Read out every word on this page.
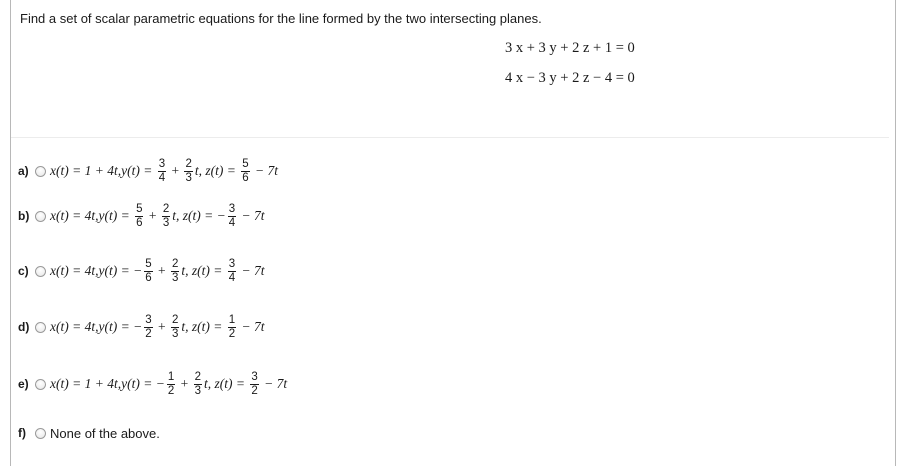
Find a set of scalar parametric equations for the line formed by the two intersecting planes.
3 x + 3 y + 2 z + 1 = 0
4 x − 3 y + 2 z − 4 = 0
a)	x(t) = 1 + 4t, $y(t) = \frac{3}{4} + \frac{2}{3} t$, $z(t) = \frac{5}{6} - 7t$
b)	x(t) = 4t, $y(t) = \frac{5}{6} + \frac{2}{3} t$, z(t) = − $\frac{3}{4} - 7t$
c)	x(t) = 4t, y(t) = − $\frac{5}{6} + \frac{2}{3} t$, $z(t) = \frac{3}{4} - 7t$
d)	x(t) = 4t, y(t) = − $\frac{3}{2} + \frac{2}{3} t$, $z(t) = \frac{1}{2} - 7t$
e)	x(t) = 1 + 4t, y(t) = − $\frac{1}{2} + \frac{2}{3} t$, $z(t) = \frac{3}{2} - 7t$
f)	None of the above.
